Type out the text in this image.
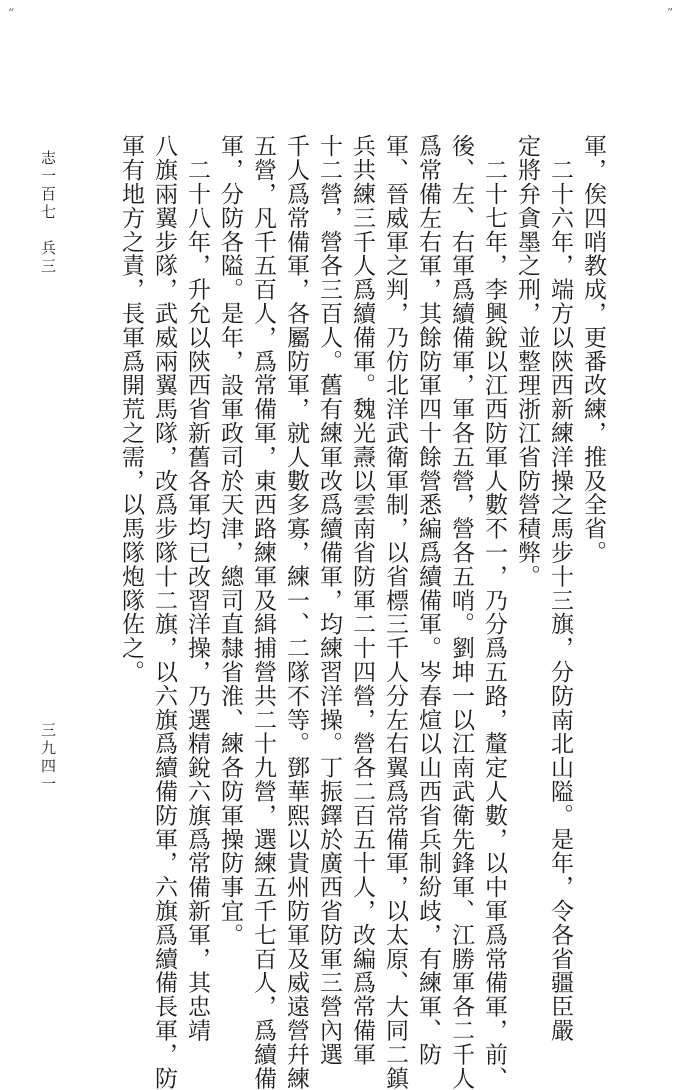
“	”
軍，俟四哨教成，更番改練，推及全省。
　二十六年，端方以陝西新練洋操之馬步十三旗，分防南北山隘。是年，令各省疆臣嚴
定將弁貪墨之刑，並整理浙江省防營積弊。
　二十七年，李興銳以江西防軍人數不一，乃分爲五路，釐定人數，以中軍爲常備軍，前、
後、左、右軍爲續備軍，軍各五營，營各五哨。劉坤一以江南武衛先鋒軍、江勝軍各二千人
爲常備左右軍，其餘防軍四十餘營悉編爲續備軍。岑春煊以山西省兵制紛歧，有練軍、防
軍、晉威軍之判，乃仿北洋武衛軍制，以省標三千人分左右翼爲常備軍，以太原、大同二鎮
兵共練三千人爲續備軍。魏光燾以雲南省防軍二十四營，營各二百五十人，改編爲常備軍
十二營，營各三百人。舊有練軍改爲續備軍，均練習洋操。丁振鐸於廣西省防軍三營內選
千人爲常備軍，各屬防軍，就人數多寡，練一、二隊不等。鄧華熙以貴州防軍及威遠營幷練
五營，凡千五百人，爲常備軍，東西路練軍及緝捕營共二十九營，選練五千七百人，爲續備
軍，分防各隘。是年，設軍政司於天津，總司直隸省淮、練各防軍操防事宜。
　二十八年，升允以陝西省新舊各軍均已改習洋操，乃選精銳六旗爲常備新軍，其忠靖
八旗兩翼步隊，武威兩翼馬隊，改爲步隊十二旗，以六旗爲續備防軍，六旗爲續備長軍，防
軍有地方之責，長軍爲開荒之需，以馬隊炮隊佐之。
志一百七　兵三
三九四一
